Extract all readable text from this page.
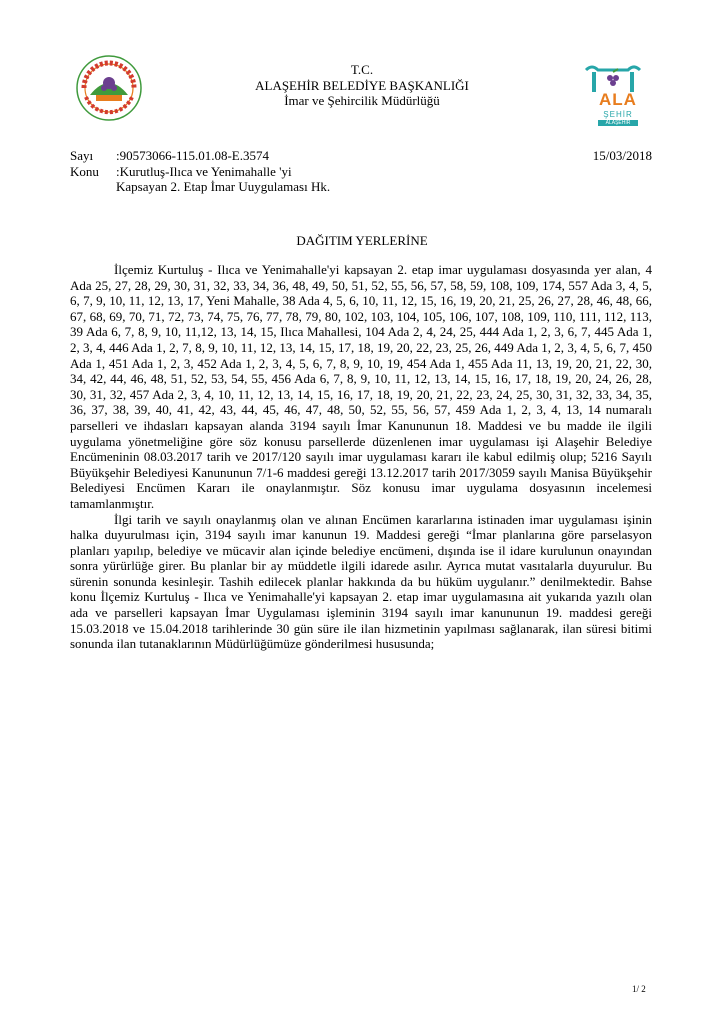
ALA
ŞEHİR
ALAŞEHİR
T.C.
ALAŞEHİR BELEDİYE BAŞKANLIĞI
İmar ve Şehircilik Müdürlüğü
Sayı :90573066-115.01.08-E.3574	15/03/2018
Konu :Kurutluş-Ilıca ve Yenimahalle 'yi
Kapsayan 2. Etap İmar Uuygulaması Hk.
DAĞITIM YERLERİNE

İlçemiz Kurtuluş - Ilıca ve Yenimahalle'yi kapsayan 2. etap imar uygulaması dosyasında yer alan, 4 Ada 25, 27, 28, 29, 30, 31, 32, 33, 34, 36, 48, 49, 50, 51, 52, 55, 56, 57, 58, 59, 108, 109, 174, 557 Ada 3, 4, 5, 6, 7, 9, 10, 11, 12, 13, 17, Yeni Mahalle, 38 Ada 4, 5, 6, 10, 11, 12, 15, 16, 19, 20, 21, 25, 26, 27, 28, 46, 48, 66, 67, 68, 69, 70, 71, 72, 73, 74, 75, 76, 77, 78, 79, 80, 102, 103, 104, 105, 106, 107, 108, 109, 110, 111, 112, 113, 39 Ada 6, 7, 8, 9, 10, 11,12, 13, 14, 15, Ilıca Mahallesi, 104 Ada 2, 4, 24, 25, 444 Ada 1, 2, 3, 6, 7, 445 Ada 1, 2, 3, 4, 446 Ada 1, 2, 7, 8, 9, 10, 11, 12, 13, 14, 15, 17, 18, 19, 20, 22, 23, 25, 26, 449 Ada 1, 2, 3, 4, 5, 6, 7, 450 Ada 1, 451 Ada 1, 2, 3, 452 Ada 1, 2, 3, 4, 5, 6, 7, 8, 9, 10, 19, 454 Ada 1, 455 Ada 11, 13, 19, 20, 21, 22, 30, 34, 42, 44, 46, 48, 51, 52, 53, 54, 55, 456 Ada 6, 7, 8, 9, 10, 11, 12, 13, 14, 15, 16, 17, 18, 19, 20, 24, 26, 28, 30, 31, 32, 457 Ada 2, 3, 4, 10, 11, 12, 13, 14, 15, 16, 17, 18, 19, 20, 21, 22, 23, 24, 25, 30, 31, 32, 33, 34, 35, 36, 37, 38, 39, 40, 41, 42, 43, 44, 45, 46, 47, 48, 50, 52, 55, 56, 57, 459 Ada 1, 2, 3, 4, 13, 14 numaralı parselleri ve ihdasları kapsayan alanda 3194 sayılı İmar Kanununun 18. Maddesi ve bu madde ile ilgili uygulama yönetmeliğine göre söz konusu parsellerde düzenlenen imar uygulaması işi Alaşehir Belediye Encümeninin 08.03.2017 tarih ve 2017/120 sayılı imar uygulaması kararı ile kabul edilmiş olup; 5216 Sayılı Büyükşehir Belediyesi Kanununun 7/1-6 maddesi gereği 13.12.2017 tarih 2017/3059 sayılı Manisa Büyükşehir Belediyesi Encümen Kararı ile onaylanmıştır. Söz konusu imar uygulama dosyasının incelemesi tamamlanmıştır.

İlgi tarih ve sayılı onaylanmış olan ve alınan Encümen kararlarına istinaden imar uygulaması işinin halka duyurulması için, 3194 sayılı imar kanunun 19. Maddesi gereği “İmar planlarına göre parselasyon planları yapılıp, belediye ve mücavir alan içinde belediye encümeni, dışında ise il idare kurulunun onayından sonra yürürlüğe girer. Bu planlar bir ay müddetle ilgili idarede asılır. Ayrıca mutat vasıtalarla duyurulur. Bu sürenin sonunda kesinleşir. Tashih edilecek planlar hakkında da bu hüküm uygulanır.” denilmektedir. Bahse konu İlçemiz Kurtuluş - Ilıca ve Yenimahalle'yi kapsayan 2. etap imar uygulamasına ait yukarıda yazılı olan ada ve parselleri kapsayan İmar Uygulaması işleminin 3194 sayılı imar kanununun 19. maddesi gereği 15.03.2018 ve 15.04.2018 tarihlerinde 30 gün süre ile ilan hizmetinin yapılması sağlanarak, ilan süresi bitimi sonunda ilan tutanaklarının Müdürlüğümüze gönderilmesi hususunda;

1/ 2
